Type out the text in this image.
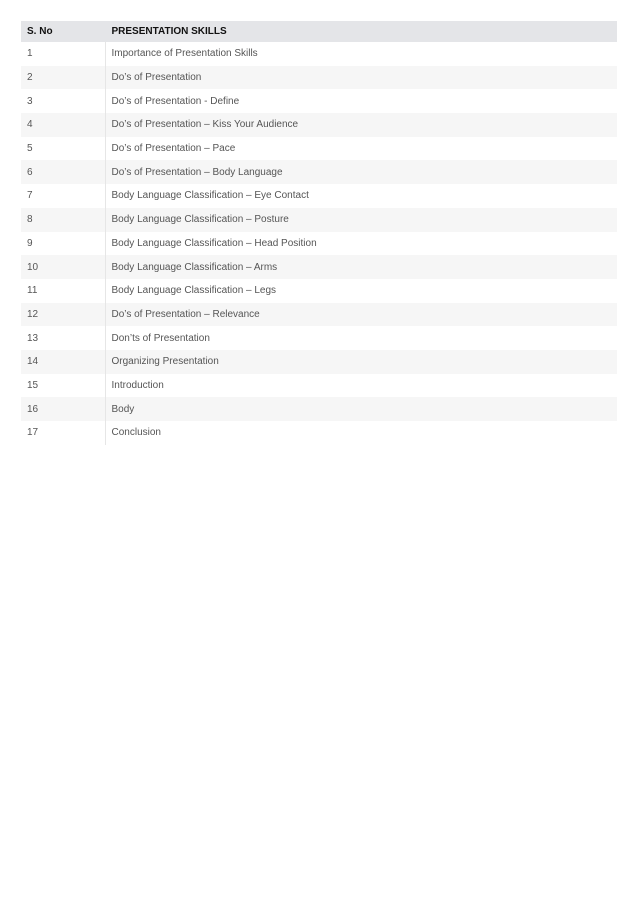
S. No	PRESENTATION SKILLS
1	Importance of Presentation Skills
2	Do’s of Presentation
3	Do’s of Presentation - Define
4	Do’s of Presentation – Kiss Your Audience
5	Do’s of Presentation – Pace
6	Do’s of Presentation – Body Language
7	Body Language Classification – Eye Contact
8	Body Language Classification – Posture
9	Body Language Classification – Head Position
10	Body Language Classification – Arms
11	Body Language Classification – Legs
12	Do’s of Presentation – Relevance
13	Don’ts of Presentation
14	Organizing Presentation
15	Introduction
16	Body
17	Conclusion
